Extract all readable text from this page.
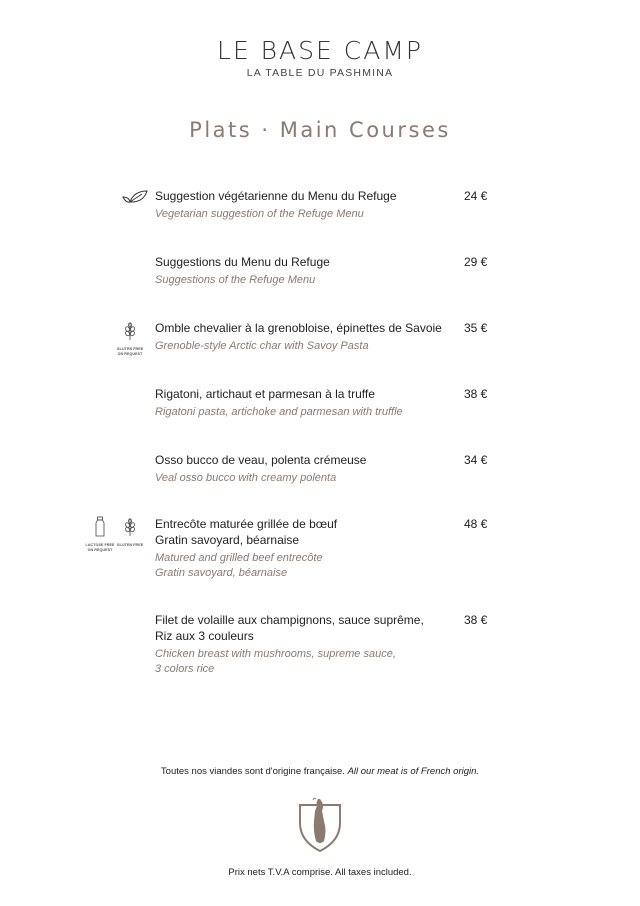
LE BASE CAMP
LA TABLE DU PASHMINA
Plats · Main Courses
Suggestion végétarienne du Menu du Refuge
Vegetarian suggestion of the Refuge Menu
24 €
Suggestions du Menu du Refuge
Suggestions of the Refuge Menu
29 €
GLUTEN FREE ON REQUEST
Omble chevalier à la grenobloise, épinettes de Savoie
Grenoble-style Arctic char with Savoy Pasta
35 €
Rigatoni, artichaut et parmesan à la truffe
Rigatoni pasta, artichoke and parmesan with truffle
38 €
Osso bucco de veau, polenta crémeuse
Veal osso bucco with creamy polenta
34 €
LACTOSE FREE ON REQUEST
GLUTEN FREE
Entrecôte maturée grillée de bœuf
Gratin savoyard, béarnaise
Matured and grilled beef entrecôte
Gratin savoyard, béarnaise
48 €
Filet de volaille aux champignons, sauce suprême,
Riz aux 3 couleurs
Chicken breast with mushrooms, supreme sauce,
3 colors rice
38 €
Toutes nos viandes sont d'origine française. All our meat is of French origin.
Prix nets T.V.A comprise. All taxes included.
